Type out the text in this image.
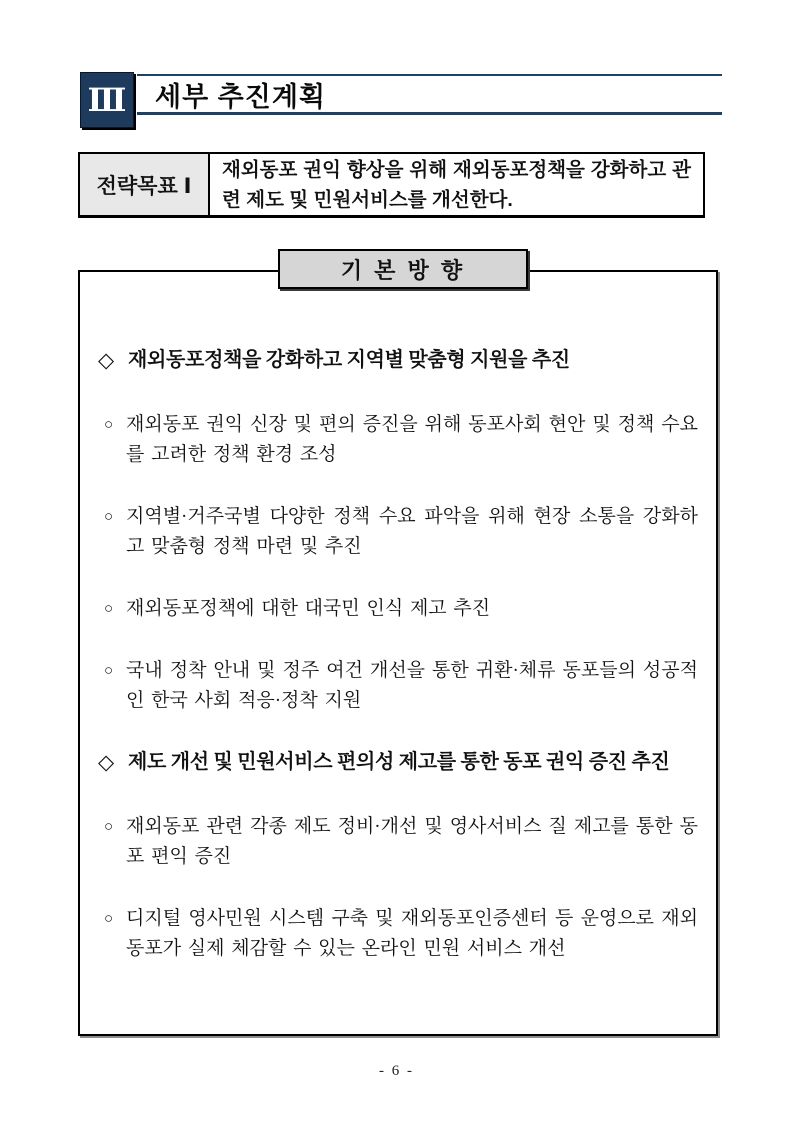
Ⅲ 세부 추진계획
전략목표 Ⅰ
재외동포 권익 향상을 위해 재외동포정책을 강화하고 관련 제도 및 민원서비스를 개선한다.
기 본 방 향
◇ 재외동포정책을 강화하고 지역별 맞춤형 지원을 추진
○ 재외동포 권익 신장 및 편의 증진을 위해 동포사회 현안 및 정책 수요를 고려한 정책 환경 조성
○ 지역별·거주국별 다양한 정책 수요 파악을 위해 현장 소통을 강화하고 맞춤형 정책 마련 및 추진
○ 재외동포정책에 대한 대국민 인식 제고 추진
○ 국내 정착 안내 및 정주 여건 개선을 통한 귀환·체류 동포들의 성공적인 한국 사회 적응·정착 지원
◇ 제도 개선 및 민원서비스 편의성 제고를 통한 동포 권익 증진 추진
○ 재외동포 관련 각종 제도 정비·개선 및 영사서비스 질 제고를 통한 동포 편익 증진
○ 디지털 영사민원 시스템 구축 및 재외동포인증센터 등 운영으로 재외동포가 실제 체감할 수 있는 온라인 민원 서비스 개선
- 6 -
